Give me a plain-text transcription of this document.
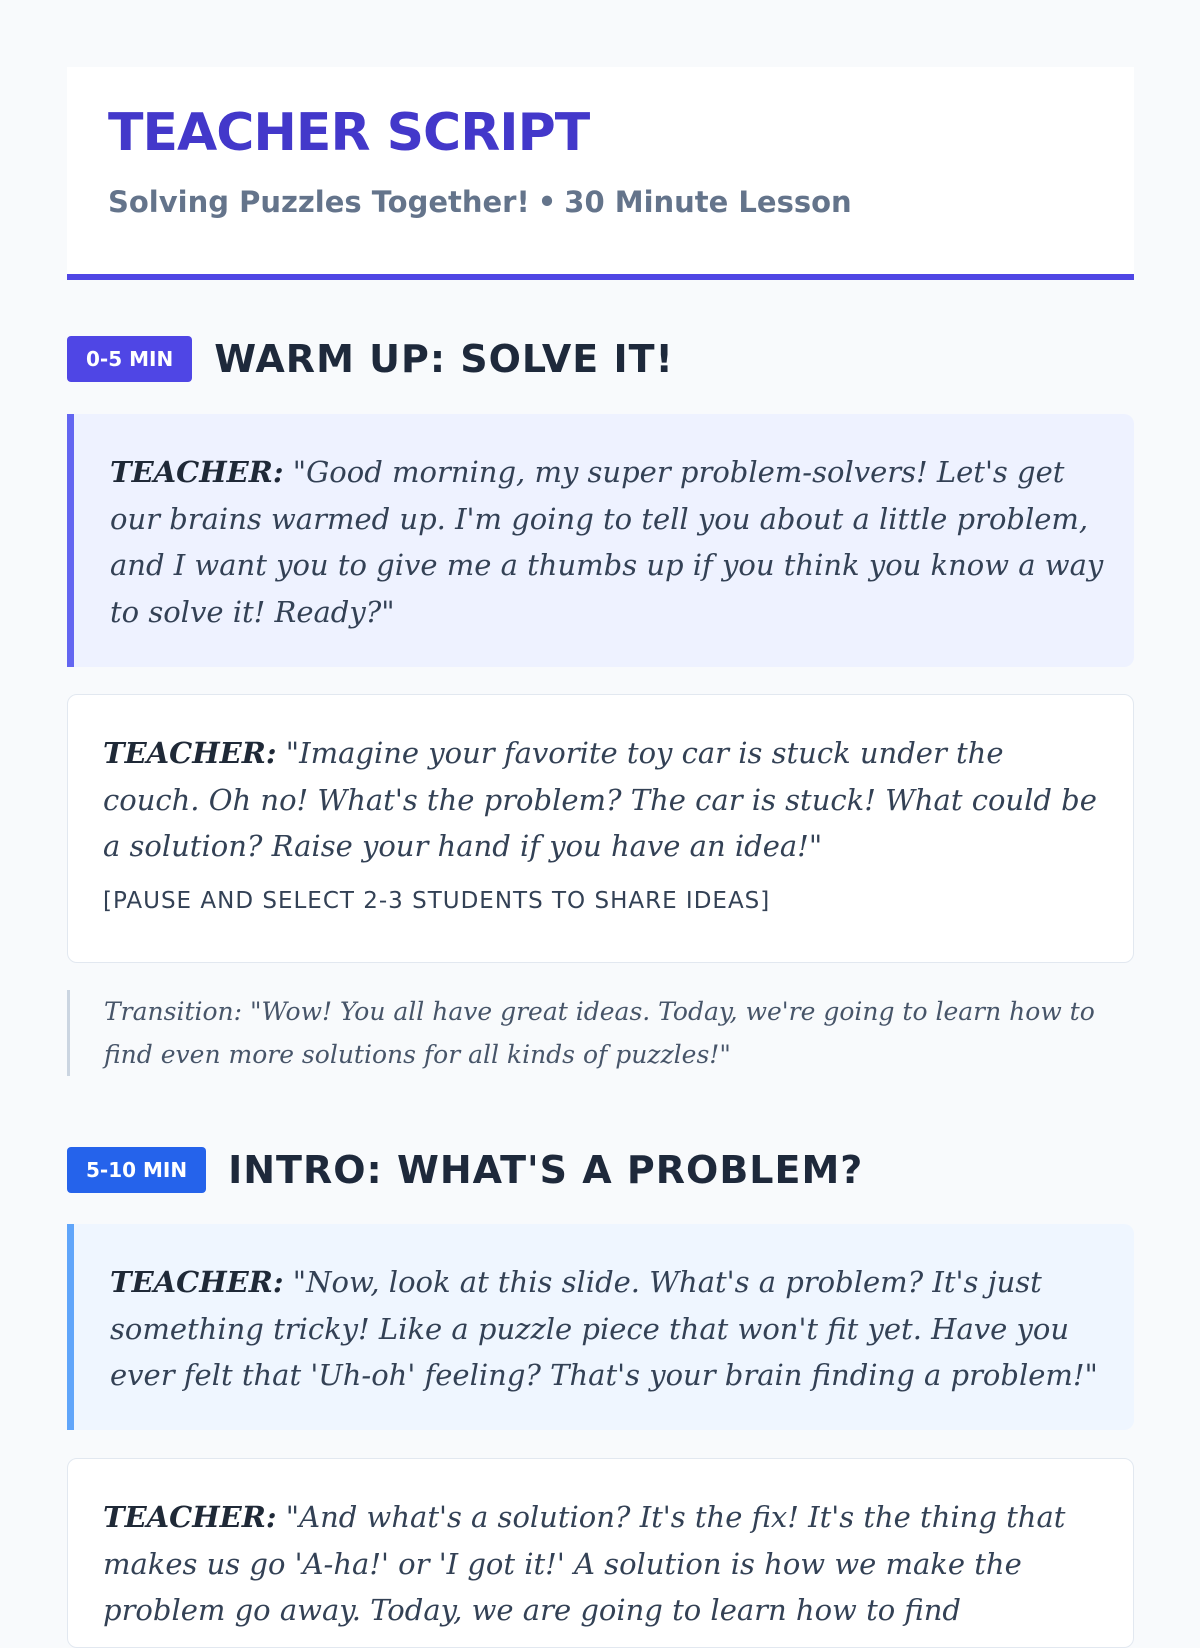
TEACHER SCRIPT
Solving Puzzles Together! • 30 Minute Lesson
0-5 MIN	WARM UP: SOLVE IT!
TEACHER: "Good morning, my super problem-solvers! Let's get our brains warmed up. I'm going to tell you about a little problem, and I want you to give me a thumbs up if you think you know a way to solve it! Ready?"
TEACHER: "Imagine your favorite toy car is stuck under the couch. Oh no! What's the problem? The car is stuck! What could be a solution? Raise your hand if you have an idea!"
[PAUSE AND SELECT 2-3 STUDENTS TO SHARE IDEAS]
Transition: "Wow! You all have great ideas. Today, we're going to learn how to find even more solutions for all kinds of puzzles!"
5-10 MIN	INTRO: WHAT'S A PROBLEM?
TEACHER: "Now, look at this slide. What's a problem? It's just something tricky! Like a puzzle piece that won't fit yet. Have you ever felt that 'Uh-oh' feeling? That's your brain finding a problem!"
TEACHER: "And what's a solution? It's the fix! It's the thing that makes us go 'A-ha!' or 'I got it!' A solution is how we make the problem go away. Today, we are going to learn how to find
